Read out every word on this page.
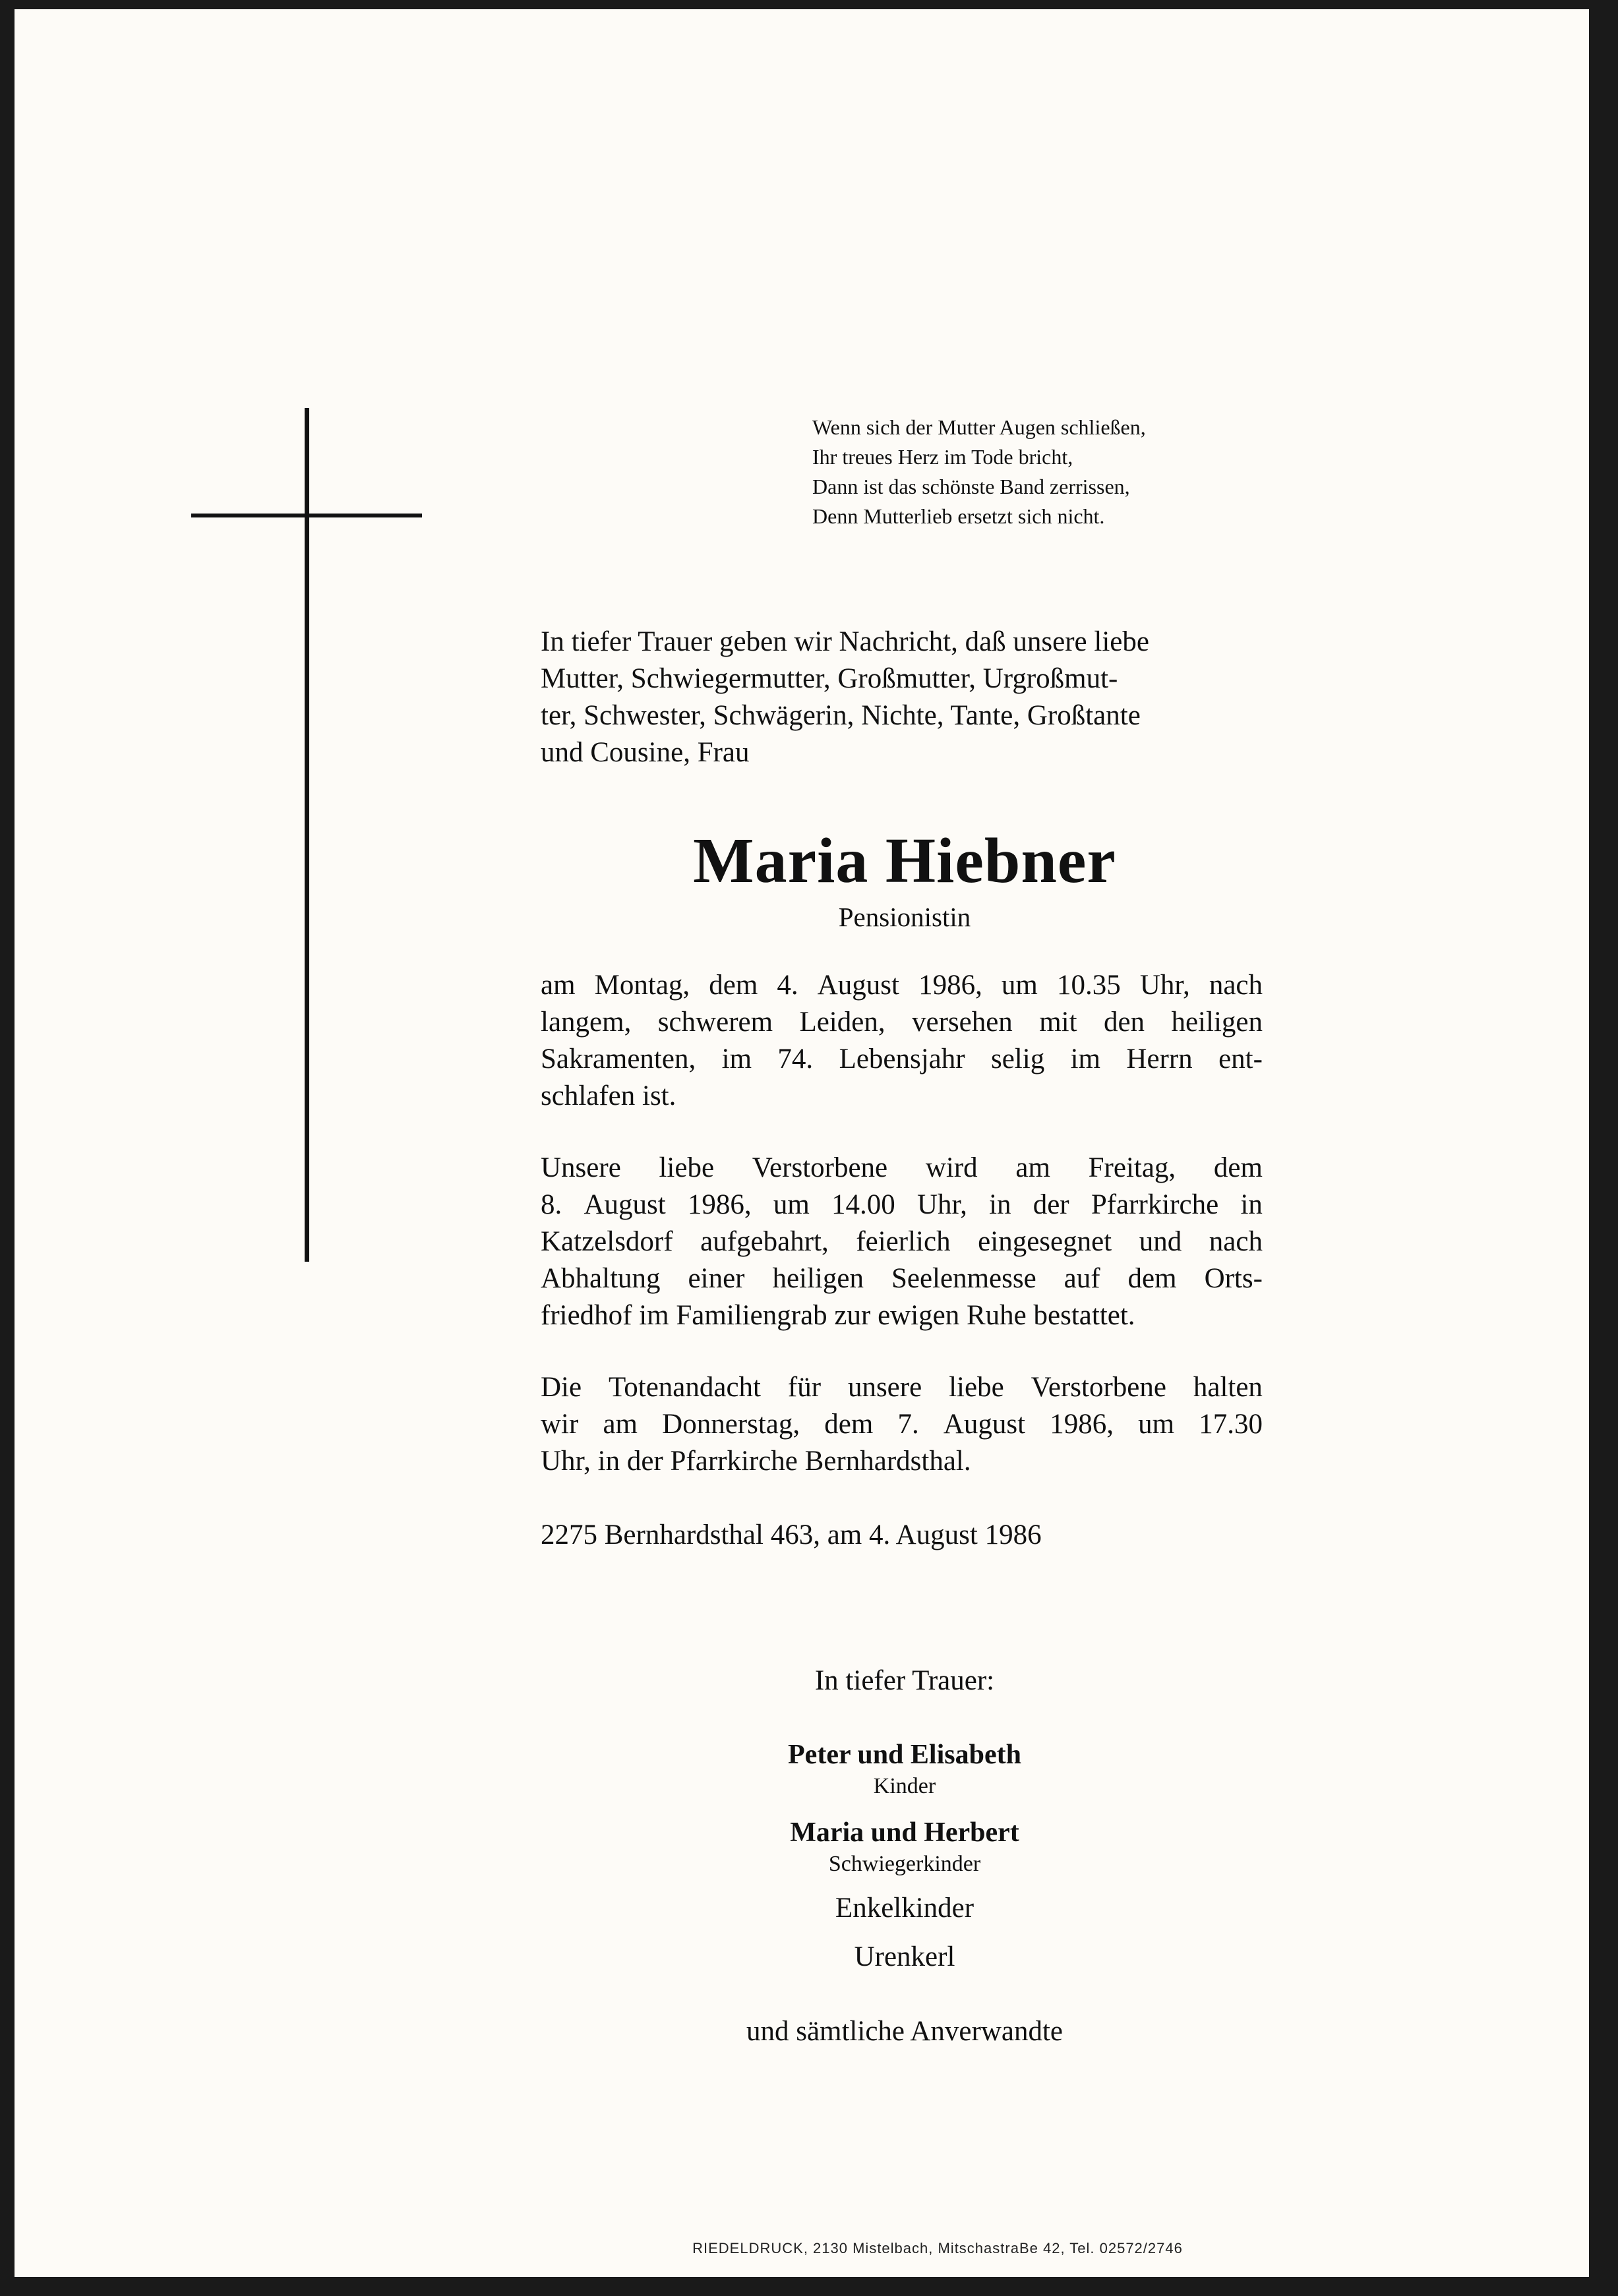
Wenn sich der Mutter Augen schließen,
Ihr treues Herz im Tode bricht,
Dann ist das schönste Band zerrissen,
Denn Mutterlieb ersetzt sich nicht.
In tiefer Trauer geben wir Nachricht, daß unsere liebe
Mutter, Schwiegermutter, Großmutter, Urgroßmut-
ter, Schwester, Schwägerin, Nichte, Tante, Großtante
und Cousine, Frau
Maria Hiebner
Pensionistin
am Montag, dem 4. August 1986, um 10.35 Uhr, nach
langem, schwerem Leiden, versehen mit den heiligen
Sakramenten, im 74. Lebensjahr selig im Herrn ent-
schlafen ist.
Unsere liebe Verstorbene wird am Freitag, dem
8. August 1986, um 14.00 Uhr, in der Pfarrkirche in
Katzelsdorf aufgebahrt, feierlich eingesegnet und nach
Abhaltung einer heiligen Seelenmesse auf dem Orts-
friedhof im Familiengrab zur ewigen Ruhe bestattet.
Die Totenandacht für unsere liebe Verstorbene halten
wir am Donnerstag, dem 7. August 1986, um 17.30
Uhr, in der Pfarrkirche Bernhardsthal.
2275 Bernhardsthal 463, am 4. August 1986
In tiefer Trauer:
Peter und Elisabeth
Kinder
Maria und Herbert
Schwiegerkinder
Enkelkinder
Urenkerl
und sämtliche Anverwandte
RIEDELDRUCK, 2130 Mistelbach, MitschastraBe 42, Tel. 02572/2746
